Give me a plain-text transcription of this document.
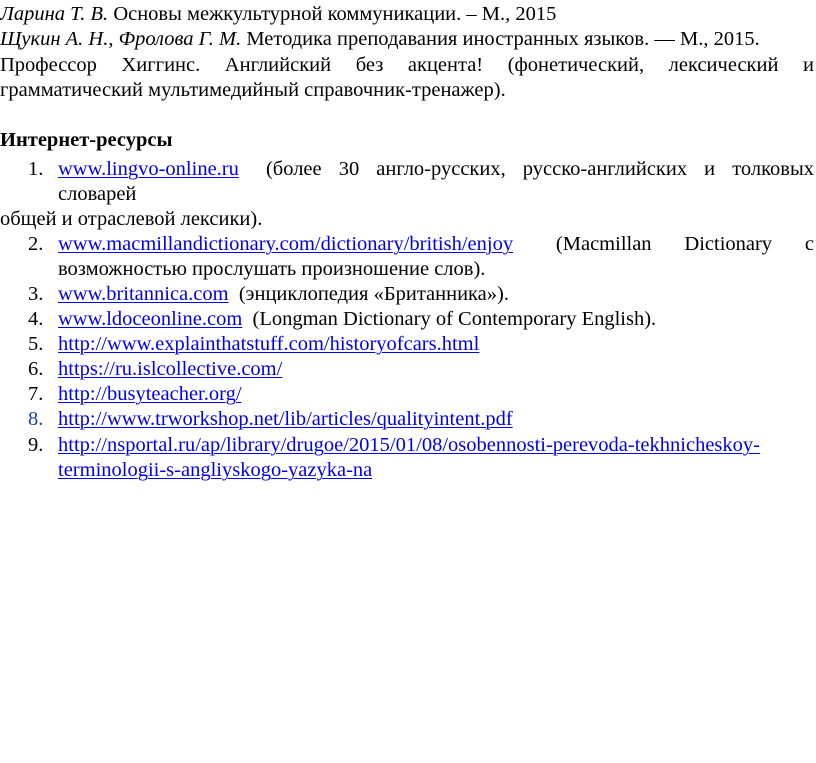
Ларина Т. В. Основы межкультурной коммуникации. – М., 2015
Щукин А. Н., Фролова Г. М. Методика преподавания иностранных языков. — М., 2015.
Профессор Хиггинс. Английский без акцента! (фонетический, лексический и
грамматический мультимедийный справочник-тренажер).
Интернет-ресурсы
1. www.lingvo-online.ru (более 30 англо-русских, русско-английских и толковых
словарей
общей и отраслевой лексики).
2. www.macmillandictionary.com/dictionary/british/enjoy (Macmillan Dictionary с
возможностью прослушать произношение слов).
3. www.britannica.com (энциклопедия «Британника»).
4. www.ldoceonline.com (Longman Dictionary of Contemporary English).
5. http://www.explainthatstuff.com/historyofcars.html
6. https://ru.islcollective.com/
7. http://busyteacher.org/
8. http://www.trworkshop.net/lib/articles/qualityintent.pdf
9. http://nsportal.ru/ap/library/drugoe/2015/01/08/osobennosti-perevoda-tekhnicheskoy-
terminologii-s-angliyskogo-yazyka-na
